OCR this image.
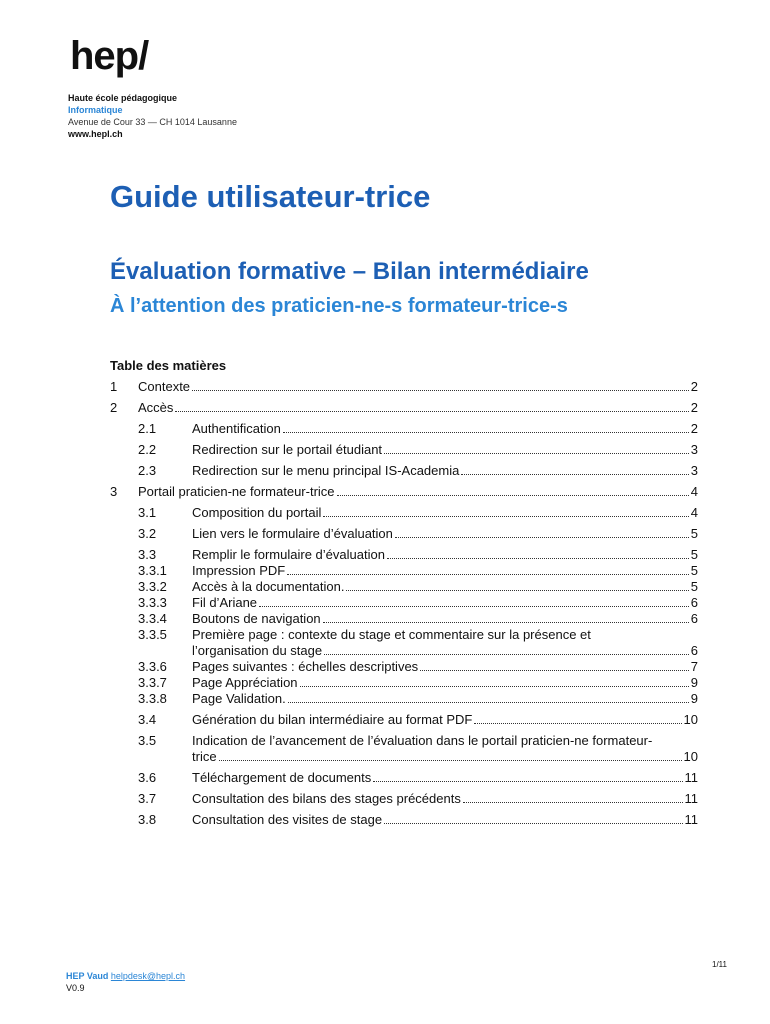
hep/
Haute école pédagogique
Informatique
Avenue de Cour 33 — CH 1014 Lausanne
www.hepl.ch
Guide utilisateur-trice
Évaluation formative – Bilan intermédiaire
À l’attention des praticien-ne-s formateur-trice-s
Table des matières
1	Contexte	2
2	Accès	2
2.1	Authentification	2
2.2	Redirection sur le portail étudiant	3
2.3	Redirection sur le menu principal IS-Academia	3
3	Portail praticien-ne formateur-trice	4
3.1	Composition du portail	4
3.2	Lien vers le formulaire d’évaluation	5
3.3	Remplir le formulaire d’évaluation	5
3.3.1	Impression PDF	5
3.3.2	Accès à la documentation.	5
3.3.3	Fil d’Ariane	6
3.3.4	Boutons de navigation	6
3.3.5	Première page : contexte du stage et commentaire sur la présence et
l’organisation du stage	6
3.3.6	Pages suivantes : échelles descriptives	7
3.3.7	Page Appréciation	9
3.3.8	Page Validation.	9
3.4	Génération du bilan intermédiaire au format PDF	10
3.5	Indication de l’avancement de l’évaluation dans le portail praticien-ne formateur-
trice	10
3.6	Téléchargement de documents	11
3.7	Consultation des bilans des stages précédents	11
3.8	Consultation des visites de stage	11
1/11
HEP Vaud helpdesk@hepl.ch
V0.9
